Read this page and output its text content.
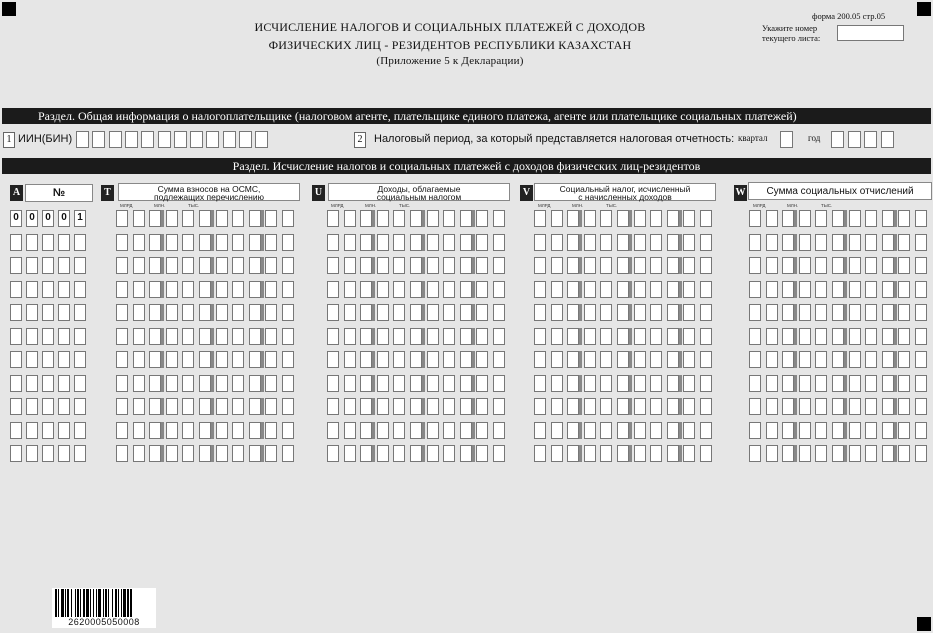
форма 200.05 стр.05
Укажите номер
текущего листа:
ИСЧИСЛЕНИЕ НАЛОГОВ И СОЦИАЛЬНЫХ ПЛАТЕЖЕЙ С ДОХОДОВ
ФИЗИЧЕСКИХ ЛИЦ - РЕЗИДЕНТОВ РЕСПУБЛИКИ КАЗАХСТАН
(Приложение 5 к Декларации)
Раздел. Общая информация о налогоплательщике (налоговом агенте, плательщике единого платежа, агенте или плательщике социальных платежей)
1 ИИН(БИН)	2	Налоговый период, за который представляется налоговая отчетность: квартал	год
Раздел. Исчисление налогов и социальных платежей с доходов физических лиц-резидентов
A	№	T	Сумма взносов на ОСМС,
подлежащих перечислению	U	Доходы, облагаемые
социальным налогом	V	Социальный налог, исчисленный
с начисленных доходов	W	Сумма социальных отчислений
МЛРД	МЛН.	ТЫС.	МЛРД	МЛН.	ТЫС.	МЛРД	МЛН.	ТЫС.	МЛРД	МЛН.	ТЫС.
0	0	0	0	1
2620005050008
